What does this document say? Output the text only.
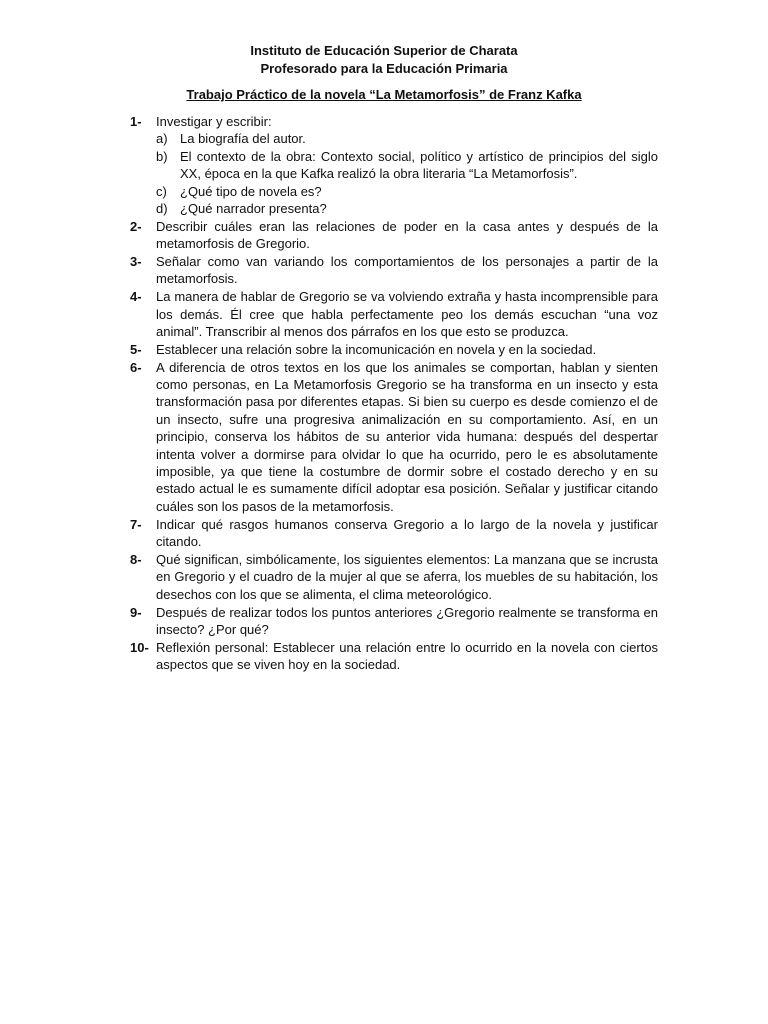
Instituto de Educación Superior de Charata
Profesorado para la Educación Primaria
Trabajo Práctico de la novela “La Metamorfosis” de Franz Kafka
1-	Investigar y escribir:
a) La biografía del autor.
b) El contexto de la obra: Contexto social, político y artístico de principios del siglo XX, época en la que Kafka realizó la obra literaria “La Metamorfosis”.
c)	¿Qué tipo de novela es?
d) ¿Qué narrador presenta?
2-	Describir cuáles eran las relaciones de poder en la casa antes y después de la metamorfosis de Gregorio.
3-	Señalar como van variando los comportamientos de los personajes a partir de la metamorfosis.
4-	La manera de hablar de Gregorio se va volviendo extraña y hasta incomprensible para los demás. Él cree que habla perfectamente peo los demás escuchan “una voz animal”. Transcribir al menos dos párrafos en los que esto se produzca.
5-	Establecer una relación sobre la incomunicación en novela y en la sociedad.
6-	A diferencia de otros textos en los que los animales se comportan, hablan y sienten como personas, en La Metamorfosis Gregorio se ha transforma en un insecto y esta transformación pasa por diferentes etapas. Si bien su cuerpo es desde comienzo el de un insecto, sufre una progresiva animalización en su comportamiento. Así, en un principio, conserva los hábitos de su anterior vida humana: después del despertar intenta volver a dormirse para olvidar lo que ha ocurrido, pero le es absolutamente imposible, ya que tiene la costumbre de dormir sobre el costado derecho y en su estado actual le es sumamente difícil adoptar esa posición. Señalar y justificar citando cuáles son los pasos de la metamorfosis.
7-	Indicar qué rasgos humanos conserva Gregorio a lo largo de la novela y justificar citando.
8-	Qué significan, simbólicamente, los siguientes elementos: La manzana que se incrusta en Gregorio y el cuadro de la mujer al que se aferra, los muebles de su habitación, los desechos con los que se alimenta, el clima meteorológico.
9-	Después de realizar todos los puntos anteriores ¿Gregorio realmente se transforma en insecto? ¿Por qué?
10- Reflexión personal: Establecer una relación entre lo ocurrido en la novela con ciertos aspectos que se viven hoy en la sociedad.
